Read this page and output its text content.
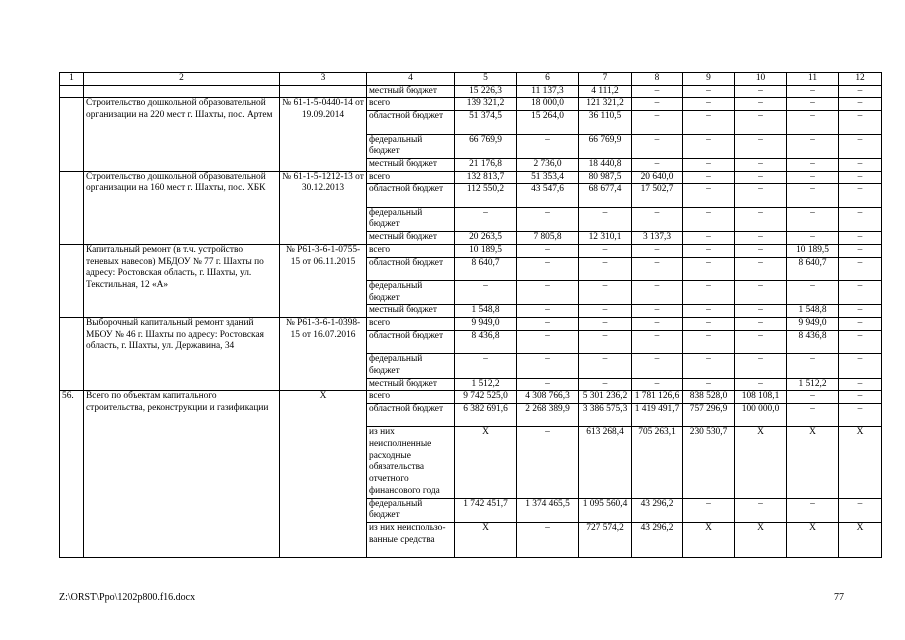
1	2	3	4	5	6	7	8	9	10	11	12
			местный бюджет	15 226,3	11 137,3	4 111,2	–	–	–	–	–
	Строительство дошкольной образовательной организации на 220 мест г. Шахты, пос. Артем	№ 61-1-5-0440-14 от 19.09.2014	всего	139 321,2	18 000,0	121 321,2	–	–	–	–	–
			областной бюджет	51 374,5	15 264,0	36 110,5	–	–	–	–	–
			федеральный бюджет	66 769,9	–	66 769,9	–	–	–	–	–
			местный бюджет	21 176,8	2 736,0	18 440,8	–	–	–	–	–
	Строительство дошкольной образовательной организации на 160 мест г. Шахты, пос. ХБК	№ 61-1-5-1212-13 от 30.12.2013	всего	132 813,7	51 353,4	80 987,5	20 640,0	–	–	–	–
			областной бюджет	112 550,2	43 547,6	68 677,4	17 502,7	–	–	–	–
			федеральный бюджет	–	–	–	–	–	–	–	–
			местный бюджет	20 263,5	7 805,8	12 310,1	3 137,3	–	–	–	–
	Капитальный ремонт (в т.ч. устройство теневых навесов) МБДОУ № 77 г. Шахты по адресу: Ростовская область, г. Шахты, ул. Текстильная, 12 «А»	№ Р61-3-6-1-0755-15 от 06.11.2015	всего	10 189,5	–	–	–	–	–	10 189,5	–
			областной бюджет	8 640,7	–	–	–	–	–	8 640,7	–
			федеральный бюджет	–	–	–	–	–	–	–	–
			местный бюджет	1 548,8	–	–	–	–	–	1 548,8	–
	Выборочный капитальный ремонт зданий МБОУ № 46 г. Шахты по адресу: Ростовская область, г. Шахты, ул. Державина, 34	№ Р61-3-6-1-0398-15 от 16.07.2016	всего	9 949,0	–	–	–	–	–	9 949,0	–
			областной бюджет	8 436,8	–	–	–	–	–	8 436,8	–
			федеральный бюджет	–	–	–	–	–	–	–	–
			местный бюджет	1 512,2	–	–	–	–	–	1 512,2	–
56.	Всего по объектам капитального строительства, реконструкции и газификации	Х	всего	9 742 525,0	4 308 766,3	5 301 236,2	1 781 126,6	838 528,0	108 108,1	–	–
			областной бюджет	6 382 691,6	2 268 389,9	3 386 575,3	1 419 491,7	757 296,9	100 000,0	–	–
			из них неисполненные расходные обязательства отчетного финансового года	Х	–	613 268,4	705 263,1	230 530,7	Х	Х	Х
			федеральный бюджет	1 742 451,7	1 374 465,5	1 095 560,4	43 296,2	–	–	–	–
			из них неиспользо-ванные средства	Х	–	727 574,2	43 296,2	Х	Х	Х	Х
Z:\ORST\Ppo\1202p800.f16.docx	77
